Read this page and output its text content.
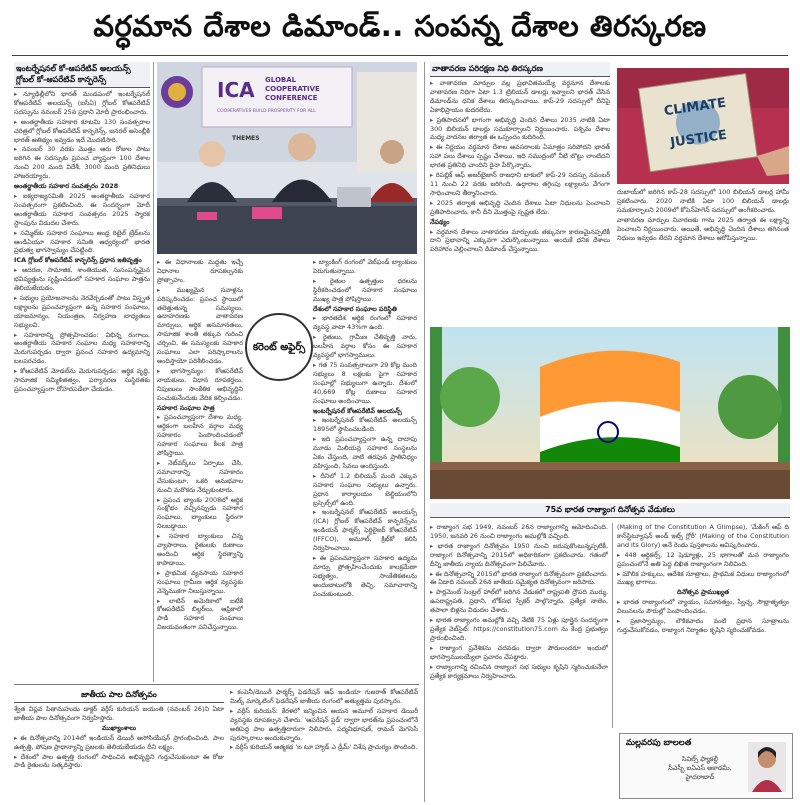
వర్ధమాన దేశాల డిమాండ్.. సంపన్న దేశాల తిరస్కరణ
ఇంటర్నేషనల్ కో-ఆపరేటివ్ అలయన్స్ గ్లోబల్ కో-ఆపరేటివ్ కాన్ఫరెన్స్

▸ న్యూఢిల్లీలోని భారత్ మండపంలో ఇంటర్నేషనల్ కోఆపరేటివ్ అలయన్స్ (ఐసీఏ) గ్లోబల్ కోఆపరేటివ్ సదస్సును నవంబర్ 25న ప్రధాని మోదీ ప్రారంభించారు.

▸ అంతర్జాతీయ సహకార కూటమి 130 సంవత్సరాల చరిత్రలో గ్లోబల్ కోఆపరేటివ్ కాన్ఫరెన్స్, జనరల్ అసెంబ్లీకి భారత్ ఆతిథ్యం ఇవ్వడం ఇదే మొదటిసారి.

▸ నవంబర్ 30 వరకు మొత్తం ఆరు రోజుల పాటు జరిగిన ఈ సదస్సుకు ప్రపంచ వ్యాప్తంగా 100 దేశాల నుంచి 200 మంది విదేశీ, 3000 మంది ప్రతినిధులు హాజరయ్యారు.

అంతర్జాతీయ సహకార సంవత్సరం 2028

▸ ఐక్యరాజ్యసమితి 2025 అంతర్జాతీయ సహకార సంవత్సరంగా ప్రకటించింది. ఈ సందర్భంగా మోదీ అంతర్జాతీయ సహకార సంవత్సరం 2025 స్మారక స్టాంపును విడుదల చేశారు.

▸ సమ్మిట్‌కు సహకార సంఘాలు ఆంధ్ర రిటైల్ ట్రేడ్‌లను ఆండిఏయూ సహకార సమితి ఆధ్వర్యంలో భారత ప్రభుత్వ భాగస్వామ్యం చేపట్టింది.

ICA గ్లోబల్ కోఆపరేటివ్ కాన్ఫరెన్స్ ప్రధాన ఇతివృత్తం

▸ ఆదరణ, సామాజిక, శాంతియుత, సుసంపన్నమైన భవిష్యత్తును సృష్టించడంలో సహకార సంఘాల పాత్రను తెలియజేయడం.

▸ సభ్యుల ప్రయోజనాలను నెరవేర్చడంతో పాటు విస్తృత లక్ష్యాలను ప్రపంచవ్యాప్తంగా ఉన్న సహకార సంఘాలు, యాజమాన్యం, నియంత్రణ, నిర్వహణ బాధ్యతలు సభ్యులవి.

▸ సహకారాన్ని ప్రోత్సహించడం: విభిన్న రంగాలు, అంతర్జాతీయ సహకార సంఘాల మధ్య సహకారాన్ని మెరుగుపర్చడం ద్వారా ప్రపంచ సహకార ఉద్యమాన్ని బలపరచడం.

▸ కోఆపరేటివ్ మోడల్‌ను మెరుగుపర్చడం: ఆర్థిక వృద్ధి, సామాజిక సమ్మిళితత్వం, పర్యావరణ సుస్థిరతకు ప్రపంచవ్యాప్తంగా దోహదపడేలా చేయడం.

ICA GLOBAL
COOPERATIVE
CONFERENCE
COOPERATIVES BUILD PROSPERITY FOR ALL
THEMES

▸ ఈ విధానాలకు మద్దతు ఇచ్చే విధానాల రూపకల్పనకు ప్రోత్సాహం.

▸ ముఖ్యమైన సవాళ్లను పరిష్కరించడం: ప్రపంచ స్థాయిలో తలెత్తుతున్న సమస్యలు, ఉదాహరణకు వాతావరణ మార్పులు, ఆర్థిక అసమానతలు, సామాజిక శాంతి తక్కువ గురించి చర్చించి, ఈ సమస్యలకు సహకార సంఘాలు ఎలా పరిష్కారాలను అందిస్తాయో పరిశీలించడం.

▸ భాగస్వామ్యం: కోఆపరేటివ్ నాయకులు, విధాన రూపకర్తలు, నిపుణులు సాంకేతిక అభివృద్ధిని పంచుకునేందుకు వేదిక కల్పించడం.

సహకార సంఘాల పాత్ర

▸ ప్రపంచవ్యాప్తంగా దేశాల మధ్య, ఆర్థికంగా బలహీన వర్గాల మధ్య సహకారం పెంపొందించడంలో సహకార సంఘాలు కీలక పాత్ర పోషిస్తాయి.

▸ నెట్‌వర్క్‌లు ఏర్పాటు చేసి, సమాచారాన్ని సహకారం చేసుకుంటూ, ఒకరి అనుభవాల నుంచి మరొకరు నేర్చుకుంటారు.

▸ ప్రపంచ బ్యాంకు 2008లో ఆర్థిక సంక్షోభం వచ్చినప్పుడు సహకార సంఘాలు, బ్యాంకులు స్థిరంగా నిలబడ్డాయి.

▸ సహకార బ్యాంకులు చిన్న వ్యాపారాలు, రైతులకు రుణాలు అందించి ఆర్థిక స్థిరత్వాన్ని కాపాడాయి.

▸ ప్రాథమిక వ్యవసాయ సహకార సంఘాలు గ్రామీణ ఆర్థిక వ్యవస్థకు వెన్నెముకగా నిలుస్తున్నాయి.

▸ లాటిన్ అమెరికాలో ఐటీకే కోఆపరేటివ్ బిల్డర్‌లు, ఆఫ్రికాలో పాడి సహకార సంఘాలు విజయవంతంగా పనిచేస్తున్నాయి.

కరెంట్ అఫైర్స్

▸ బ్యాంకింగ్ రంగంలో వెబ్‌ఫండ్ బ్యాంకులు పెరుగుతున్నాయి.

▸ రైతుల ఉత్పత్తుల ధరలను స్థిరీకరించడంలో సహకార సంఘాలు ముఖ్య పాత్ర పోషిస్తాయి.

దేశంలో సహకార సంఘాల పరిస్థితి

▸ భారతదేశ ఆర్థిక రంగంలో సహకార వ్యవస్థ వాటా 43%గా ఉంది.

▸ రైతులు, గ్రామీణ చేతివృత్తి వారు, బలహీన వర్గాల కోసం ఈ సహకార వ్యవస్థలో భాగస్వాములు.

▸ గత 75 సంవత్సరాలుగా 29 కోట్ల మంది సభ్యులు 8 లక్షలకు పైగా సహకార సంఘాల్లో సభ్యులుగా ఉన్నారు. దేశంలో 40,669 కోట్ల రుణాలు సహకార సంఘాలు అందించాయి.

ఇంటర్నేషనల్ కోఆపరేటివ్ అలయన్స్

▸ ఇంటర్నేషనల్ కోఆపరేటివ్ అలయన్స్ 1895లో స్థాపించబడింది.

▸ ఇది ప్రపంచవ్యాప్తంగా ఉన్న దాదాపు మూడు మిలియన్ల సహకార సంస్థలను ఏకం చేస్తుంది, వాటి తరఫున ప్రాతినిధ్యం వహిస్తుంది, సేవలు అందిస్తుంది.

▸ దీనిలో 1.2 బిలియన్ మంది ఎక్కువ సహకార సంఘాల సభ్యులు ఉన్నారు. ప్రధాన కార్యాలయం బెల్జియంలోని బ్రస్సెల్స్‌లో ఉంది.

▸ ఇంటర్నేషనల్ కోఆపరేటివ్ అలయన్స్ (ICA) గ్లోబల్ కోఆపరేటివ్ కాన్ఫరెన్స్‌ను ఇండియన్ ఫార్మర్స్ ఫెర్టిలైజర్ కోఆపరేటివ్ (IFFCO), అమూల్, క్రిభ్‌కో కలిసి నిర్వహించాయి.

▸ ఈ ప్రపంచవ్యాప్తంగా సహకార ఉద్యమ మార్పు ప్రోత్సహించేందుకు కాలక్రమేణా సభ్యత్వం, సాంకేతికతలను అందుబాటులోకి తెచ్చి, సమాచారాన్ని పంచుకుంటుంది.

వాతావరణ పరిరక్షణ నిధి తిరస్కరణ

▸ వాతావరణ మార్పుల వల్ల ప్రభావితమయ్యే వర్ధమాన దేశాలకు వాతావరణ నిధిగా ఏటా 1.3 ట్రిలియన్ డాలర్లు ఇవ్వాలని భారత్ చేసిన డిమాండ్‌ను ధనిక దేశాలు తిరస్కరించాయి. కాప్-29 సదస్సులో దీనిపై ఏకాభిప్రాయం కుదరలేదు.

▸ ప్రతిపాదనలో భాగంగా అభివృద్ధి చెందిన దేశాలు 2035 నాటికి ఏటా 300 బిలియన్ డాలర్లు సమకూర్చాలని నిర్ణయించారు. పశ్చిమ దేశాల మధ్య వాదనల తర్వాత ఈ ఒప్పందం కుదిరింది.

▸ ఈ నిర్ణయం వర్ధమాన దేశాల అవసరాలకు ఏమాత్రం సరిపోదని భారత్ సహా పలు దేశాలు స్పష్టం చేశాయి. ఇది సముద్రంలో నీటి బొట్టు లాంటిదని భారత ప్రతినిధి చాందిని రైనా పేర్కొన్నారు.

▸ రిపబ్లిక్ ఆఫ్ అజర్‌బైజాన్ రాజధాని బాకులో కాప్-29 సదస్సు నవంబర్ 11 నుంచి 22 వరకు జరిగింది. ఉద్గారాల తగ్గింపు లక్ష్యాలను వేగంగా సాధించాలని తీర్మానించారు.

▸ 2025 తర్వాత అభివృద్ధి చెందిన దేశాలు ఏటా నిధులను పెంచాలని ప్రతిపాదించారు. కానీ దీని మొత్తంపై స్పష్టత లేదు.

నేపథ్యం

▸ వర్ధమాన దేశాలు వాతావరణ మార్పులకు తక్కువగా కారణమైనప్పటికీ దాని ప్రభావాన్ని ఎక్కువగా ఎదుర్కొంటున్నాయి. అందుకే ధనిక దేశాలు పరిహారం చెల్లించాలని డిమాండ్ చేస్తున్నాయి.

CLIMATE
JUSTICE

దుబాయ్‌లో జరిగిన కాప్-28 సదస్సులో 100 బిలియన్ డాలర్ల హామీ ప్రకటించారు. 2020 నాటికి ఏటా 100 బిలియన్ డాలర్లు సమకూర్చాలని 2009లో కోపెన్‌హెగెన్ సదస్సులో అంగీకరించారు.

వాతావరణ మార్పుల నివారణకు గాను 2025 తర్వాత ఈ లక్ష్యాన్ని పెంచాలని నిర్ణయించారు. అయితే, అభివృద్ధి చెందిన దేశాలు తగినంత నిధులు ఇవ్వడం లేదని వర్ధమాన దేశాలు ఆరోపిస్తున్నాయి.

75వ భారత రాజ్యాంగ దినోత్సవ వేడుకలు

▸ రాజ్యాంగ సభ 1949, నవంబర్ 26న రాజ్యాంగాన్ని ఆమోదించింది. 1950, జనవరి 26 నుంచి రాజ్యాంగం అమల్లోకి వచ్చింది.

▸ భారత రాజ్యాంగ దినోత్సవం 1950 నుంచి జరుపుకొంటున్నప్పటికీ, రాజ్యాంగ దినోత్సవాన్ని 2015లో అధికారికంగా ప్రకటించారు. గతంలో దీన్ని జాతీయ న్యాయ దినోత్సవంగా పిలిచేవారు.

▸ ఈ దినోత్సవాన్ని 2015లో భారత రాజ్యాంగ దినోత్సవంగా ప్రకటించారు. ఈ ఏడాది నవంబర్ 26న జాతీయ సమైక్యత దినోత్సవంగా జరిపారు.

▸ పార్లమెంట్ సెంట్రల్ హాల్‌లో జరిగిన వేడుకలో రాష్ట్రపతి ద్రౌపది ముర్ము, ఉపరాష్ట్రపతి, ప్రధాని, లోక్‌సభ స్పీకర్ పాల్గొన్నారు. ప్రత్యేక నాణెం, తపాలా బిళ్లను విడుదల చేశారు.

▸ భారత రాజ్యాంగం అమల్లోకి వచ్చి నేటికి 75 ఏళ్లు పూర్తైన సందర్భంగా ప్రత్యేక వెబ్‌సైట్: https://constitution75.com ను కేంద్ర ప్రభుత్వం ప్రారంభించింది.

▸ రాజ్యాంగ ప్రవేశికను చదవడం ద్వారా పౌరులందరూ ఇందులో భాగస్వాములయ్యేలా ప్రచారం చేపట్టారు.

▸ రాజ్యాంగాన్ని రచించిన రాజ్యాంగ సభ సభ్యుల కృషిని స్మరించుకునేలా ప్రత్యేక కార్యక్రమాలు నిర్వహించారు.

(Making of the Constitution A Glimpse), 'మేకింగ్ ఆఫ్ ది కాన్‌స్టిట్యూషన్ అండ్ ఇట్స్ గ్లోరీ' (Making of the Constitution and its Glory) అనే రెండు పుస్తకాలను ఆవిష్కరించారు.

▸ 448 ఆర్టికల్స్, 12 షెడ్యూళ్లు, 25 భాగాలతో మన రాజ్యాంగం ప్రపంచంలోనే అతి పెద్ద లిఖిత రాజ్యాంగంగా నిలిచింది.

▸ మౌలిక హక్కులు, ఆదేశిక సూత్రాలు, ప్రాథమిక విధులు రాజ్యాంగంలో ముఖ్య భాగాలు.

దినోత్సవ ప్రాముఖ్యత

▸ భారత రాజ్యాంగంలో న్యాయం, సమానత్వం, స్వేచ్ఛ, సౌభ్రాతృత్వం విలువలను పౌరుల్లో పెంపొందించడం.

▸ ప్రజాస్వామ్యం, లౌకికవాదం వంటి ప్రధాన సూత్రాలను గుర్తుచేసుకోవడం, రాజ్యాంగ నిర్మాతల కృషిని స్మరించుకోవడం.

జాతీయ పాల దినోత్సవం

శ్వేత విప్లవ పితామహుడు డాక్టర్ వర్గీస్ కురియన్ జయంతి (నవంబర్ 26)ని ఏటా జాతీయ పాల దినోత్సవంగా నిర్వహిస్తారు.

ముఖ్యాంశాలు

▸ ఈ దినోత్సవాన్ని 2014లో ఇండియన్ డెయిరీ అసోసియేషన్ ప్రారంభించింది. పాల ఉత్పత్తి, పోషణ ప్రాధాన్యాన్ని ప్రజలకు తెలియజేయడం దీని లక్ష్యం.

▸ దేశంలో పాల ఉత్పత్తి రంగంలో సాధించిన అభివృద్ధిని గుర్తుచేసుకుంటూ ఈ రోజు పాడి రైతులను సత్కరిస్తారు.

▸ కంపెనీ/డెయిరీ ఫార్మర్స్ ఫెడరేషన్ ఆఫ్ ఇండియా గుజరాత్ కోఆపరేటివ్ మిల్క్ మార్కెటింగ్ ఫెడరేషన్ జాతీయ రంగంలో అత్యుత్తమ పురస్కారం.

▸ వర్గీస్ కురియన్: కేరళలో జన్మించిన ఆయన అమూల్ సహకార డెయిరీ వ్యవస్థకు రూపకల్పన చేశారు. 'ఆపరేషన్ ఫ్లడ్' ద్వారా భారత్‌ను ప్రపంచంలోనే అతిపెద్ద పాల ఉత్పత్తిదారుగా నిలిపారు. పద్మవిభూషణ్, రామన్ మెగసెసే పురస్కారాలు అందుకున్నారు.

▸ వర్గీస్ కురియన్ ఆత్మకథ 'ఐ టూ హ్యాడ్ ఎ డ్రీమ్' విశేష ప్రాచుర్యం పొందింది.	మల్లవరపు బాలలత
సివిల్స్ ఫ్యాకల్టీ
సీఎస్బీ ఐఏఎస్ అకాడమీ, హైదరాబాద్
